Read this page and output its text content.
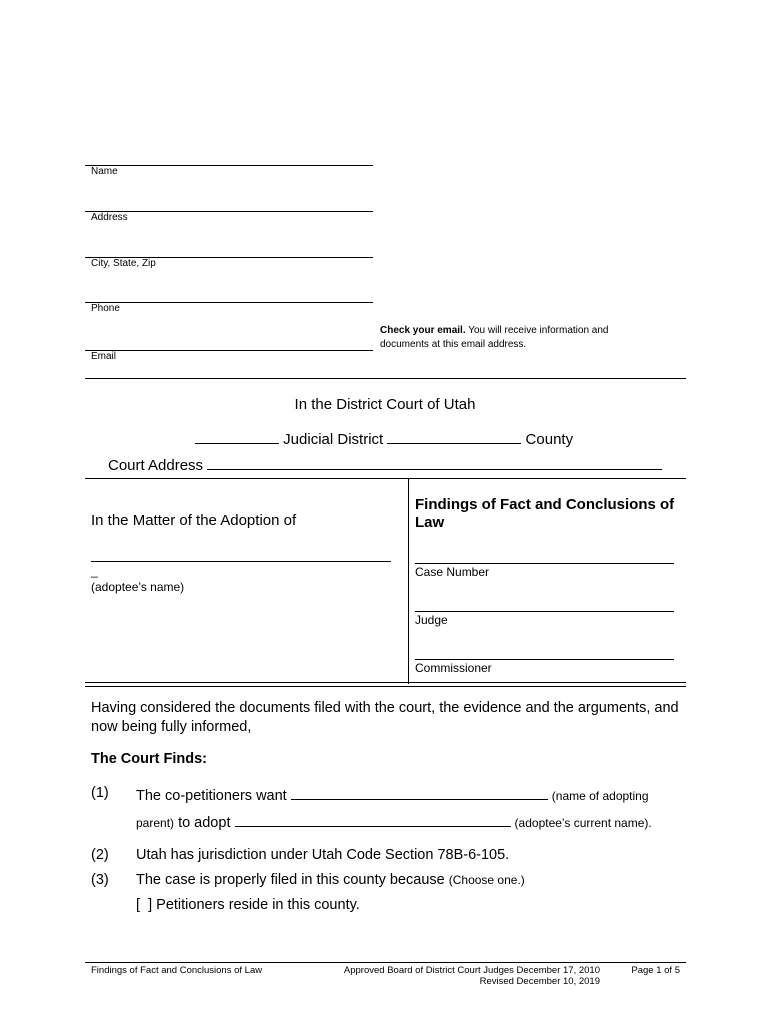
Name
Address
City, State, Zip
Phone
Email
Check your email. You will receive information and
documents at this email address.
In the District Court of Utah
Judicial District	County
Court Address
In the Matter of the Adoption of
_
(adoptee’s name)
Findings of Fact and Conclusions of Law
Case Number
Judge
Commissioner
Having considered the documents filed with the court, the evidence and the arguments, and now being fully informed,
The Court Finds:
(1) The co-petitioners want	(name of adopting
parent) to adopt	(adoptee’s current name).
(2) Utah has jurisdiction under Utah Code Section 78B-6-105.
(3) The case is properly filed in this county because (Choose one.)
[  ] Petitioners reside in this county.
Findings of Fact and Conclusions of Law	Approved Board of District Court Judges December 17, 2010
Revised December 10, 2019
Page 1 of 5
